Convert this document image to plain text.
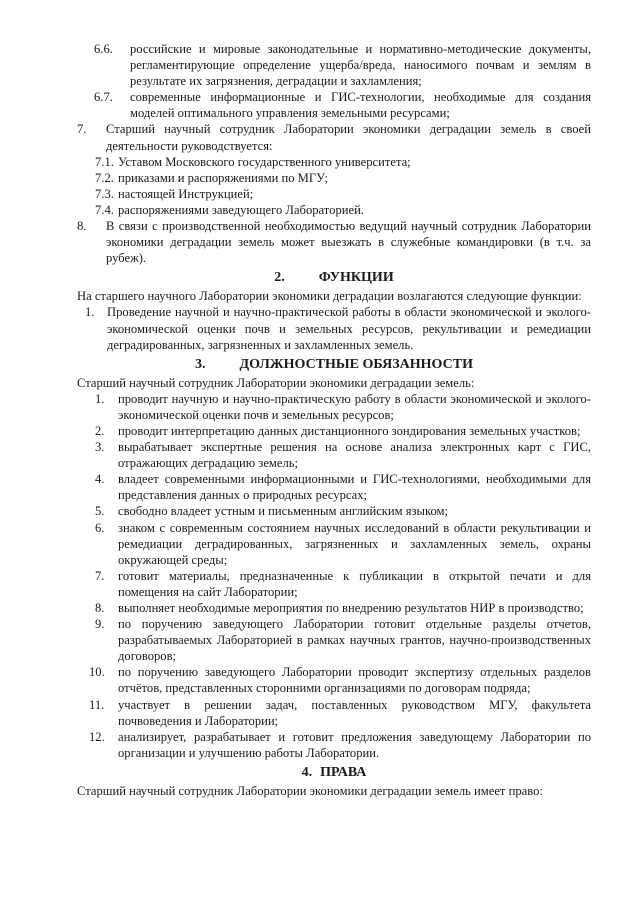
6.6. российские и мировые законодательные и нормативно-методические документы, регламентирующие определение ущерба/вреда, наносимого почвам и землям в результате их загрязнения, деградации и захламления;
6.7. современные информационные и ГИС-технологии, необходимые для создания моделей оптимального управления земельными ресурсами;
7. Старший научный сотрудник Лаборатории экономики деградации земель в своей деятельности руководствуется:
7.1. Уставом Московского государственного университета;
7.2. приказами и распоряжениями по МГУ;
7.3. настоящей Инструкцией;
7.4. распоряжениями заведующего Лабораторией.
8. В связи с производственной необходимостью ведущий научный сотрудник Лаборатории экономики деградации земель может выезжать в служебные командировки (в т.ч. за рубеж).
2. ФУНКЦИИ
На старшего научного Лаборатории экономики деградации возлагаются следующие функции:
1. Проведение научной и научно-практической работы в области экономической и эколого-экономической оценки почв и земельных ресурсов, рекультивации и ремедиации деградированных, загрязненных и захламленных земель.
3. ДОЛЖНОСТНЫЕ ОБЯЗАННОСТИ
Старший научный сотрудник Лаборатории экономики деградации земель:
1. проводит научную и научно-практическую работу в области экономической и эколого-экономической оценки почв и земельных ресурсов;
2. проводит интерпретацию данных дистанционного зондирования земельных участков;
3. вырабатывает экспертные решения на основе анализа электронных карт с ГИС, отражающих деградацию земель;
4. владеет современными информационными и ГИС-технологиями, необходимыми для представления данных о природных ресурсах;
5. свободно владеет устным и письменным английским языком;
6. знаком с современным состоянием научных исследований в области рекультивации и ремедиации деградированных, загрязненных и захламленных земель, охраны окружающей среды;
7. готовит материалы, предназначенные к публикации в открытой печати и для помещения на сайт Лаборатории;
8. выполняет необходимые мероприятия по внедрению результатов НИР в производство;
9. по поручению заведующего Лаборатории готовит отдельные разделы отчетов, разрабатываемых Лабораторией в рамках научных грантов, научно-производственных договоров;
10. по поручению заведующего Лаборатории проводит экспертизу отдельных разделов отчётов, представленных сторонними организациями по договорам подряда;
11. участвует в решении задач, поставленных руководством МГУ, факультета почвоведения и Лаборатории;
12. анализирует, разрабатывает и готовит предложения заведующему Лаборатории по организации и улучшению работы Лаборатории.
4. ПРАВА
Старший научный сотрудник Лаборатории экономики деградации земель имеет право:
